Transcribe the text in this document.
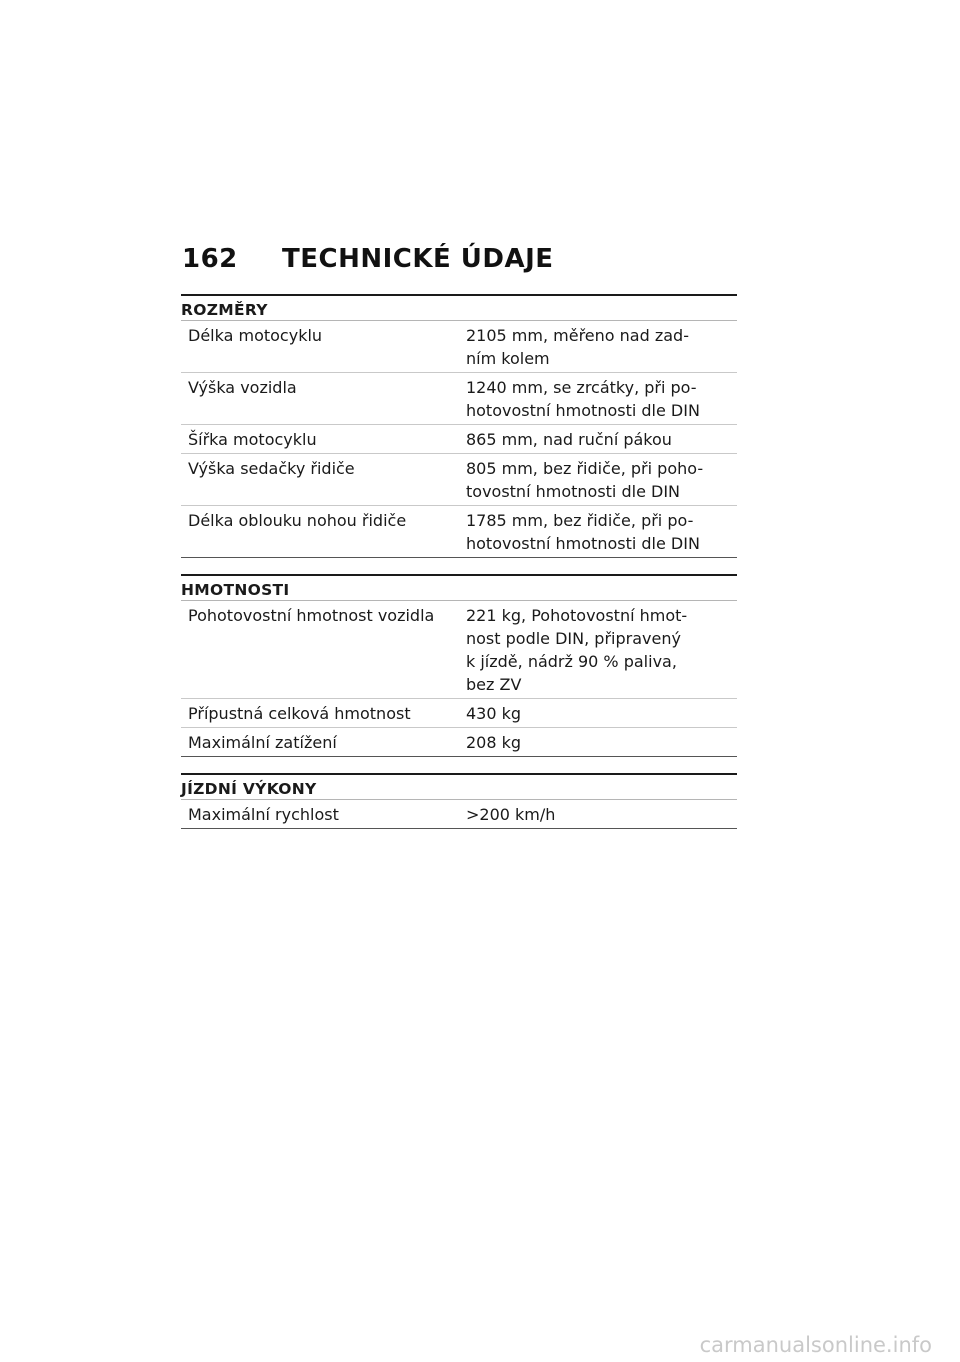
162	TECHNICKÉ ÚDAJE
ROZMĚRY
Délka motocyklu	2105 mm, měřeno nad zad-
ním kolem
Výška vozidla	1240 mm, se zrcátky, při po-
hotovostní hmotnosti dle DIN
Šířka motocyklu	865 mm, nad ruční pákou
Výška sedačky řidiče	805 mm, bez řidiče, při poho-
tovostní hmotnosti dle DIN
Délka oblouku nohou řidiče	1785 mm, bez řidiče, při po-
hotovostní hmotnosti dle DIN
HMOTNOSTI
Pohotovostní hmotnost vozidla	221 kg, Pohotovostní hmot-
nost podle DIN, připravený
k jízdě, nádrž 90 % paliva,
bez ZV
Přípustná celková hmotnost	430 kg
Maximální zatížení	208 kg
JÍZDNÍ VÝKONY
Maximální rychlost	>200 km/h
carmanualsonline.info
